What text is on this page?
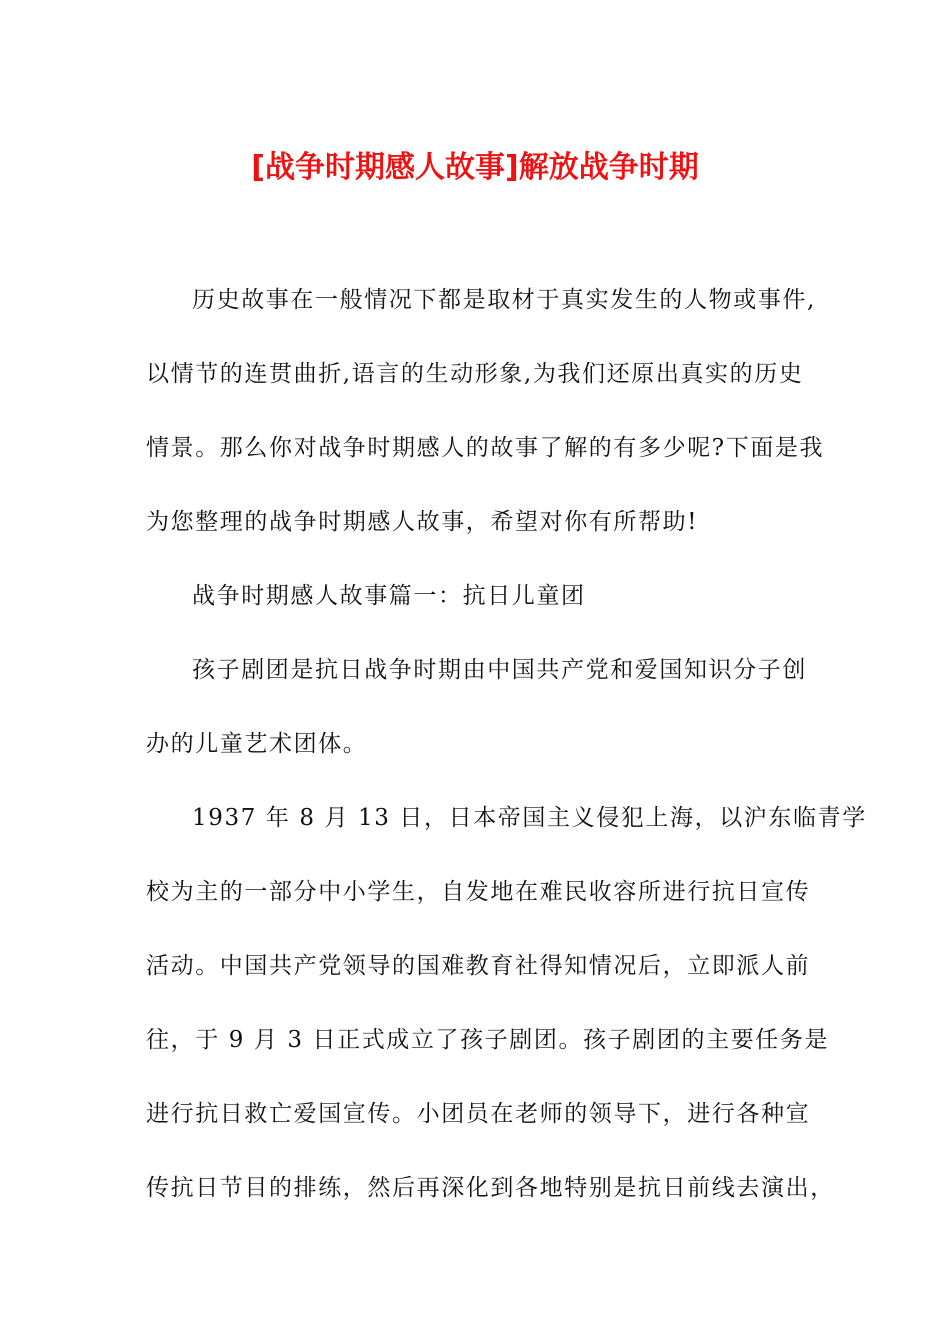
[战争时期感人故事]解放战争时期
历史故事在一般情况下都是取材于真实发生的人物或事件,
以情节的连贯曲折,语言的生动形象,为我们还原出真实的历史
情景。那么你对战争时期感人的故事了解的有多少呢?下面是我
为您整理的战争时期感人故事，希望对你有所帮助!
战争时期感人故事篇一：抗日儿童团
孩子剧团是抗日战争时期由中国共产党和爱国知识分子创
办的儿童艺术团体。
1937 年 8 月 13 日，日本帝国主义侵犯上海，以沪东临青学
校为主的一部分中小学生，自发地在难民收容所进行抗日宣传
活动。中国共产党领导的国难教育社得知情况后，立即派人前
往，于 9 月 3 日正式成立了孩子剧团。孩子剧团的主要任务是
进行抗日救亡爱国宣传。小团员在老师的领导下，进行各种宣
传抗日节目的排练，然后再深化到各地特别是抗日前线去演出，
